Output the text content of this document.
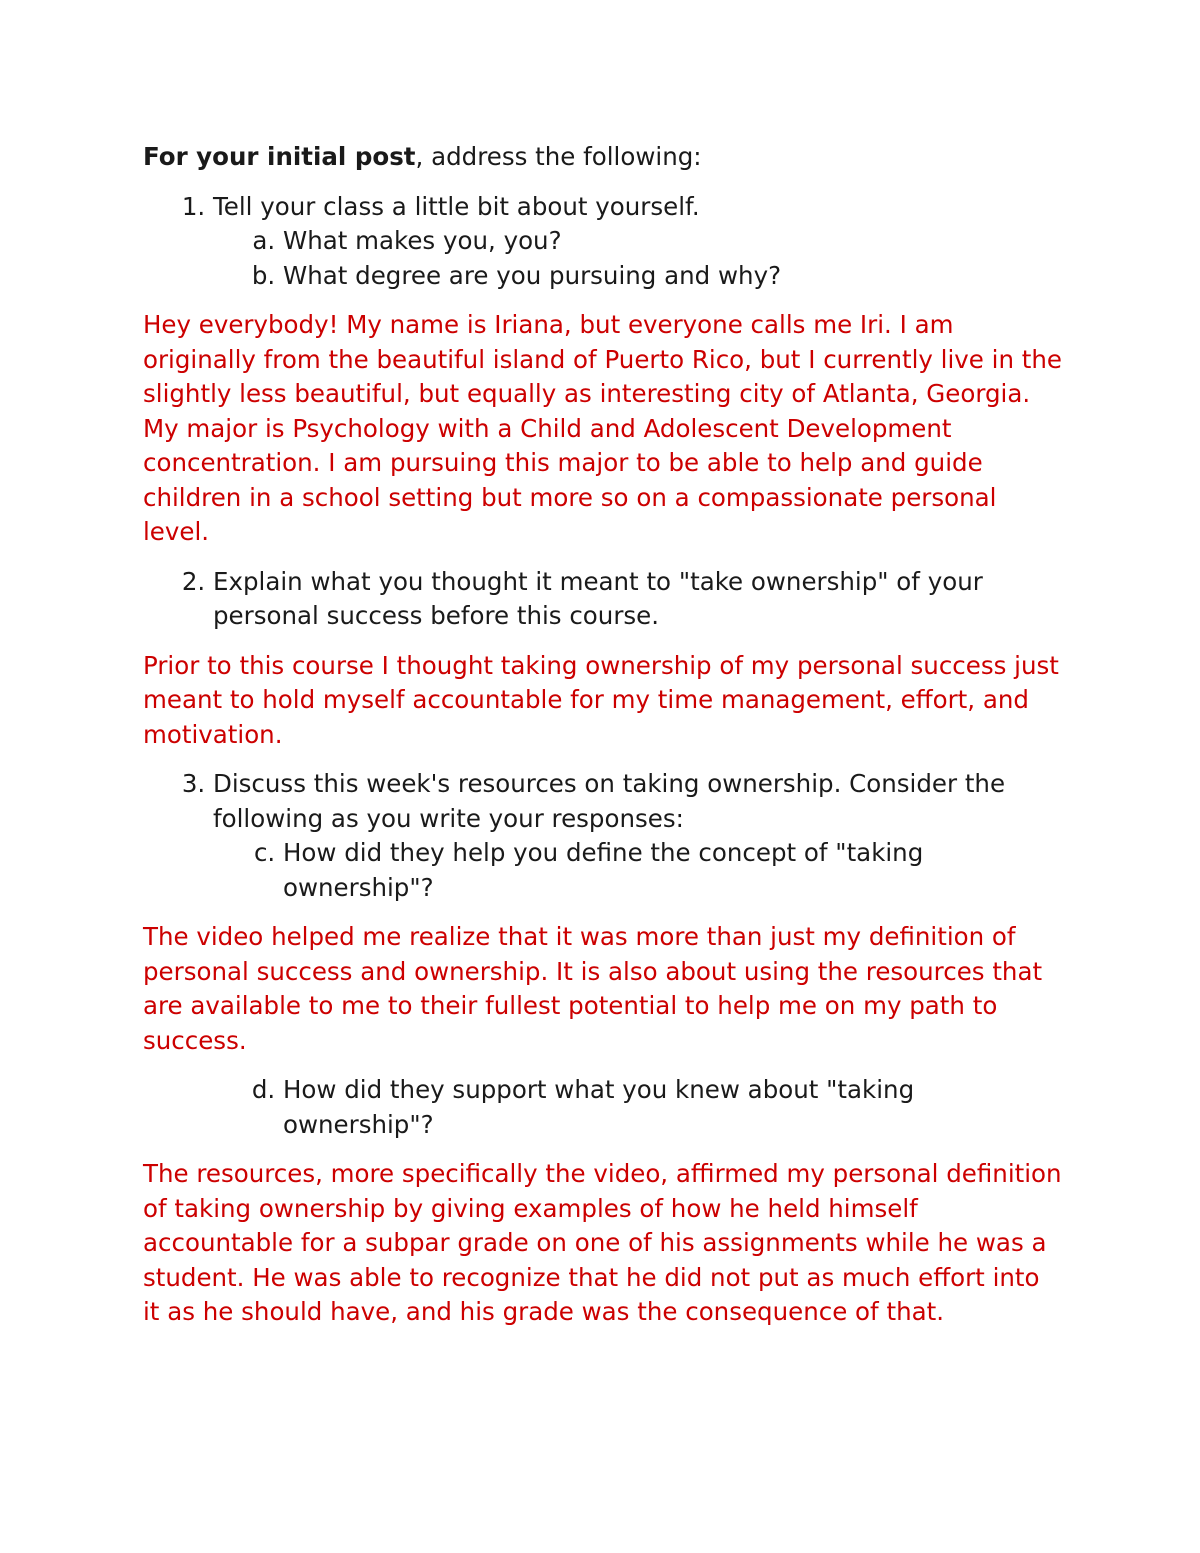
For your initial post, address the following:

1. Tell your class a little bit about yourself.
a. What makes you, you?
b. What degree are you pursuing and why?

Hey everybody! My name is Iriana, but everyone calls me Iri. I am originally from the beautiful island of Puerto Rico, but I currently live in the slightly less beautiful, but equally as interesting city of Atlanta, Georgia. My major is Psychology with a Child and Adolescent Development concentration. I am pursuing this major to be able to help and guide children in a school setting but more so on a compassionate personal level.

2. Explain what you thought it meant to "take ownership" of your personal success before this course.

Prior to this course I thought taking ownership of my personal success just meant to hold myself accountable for my time management, effort, and motivation.

3. Discuss this week's resources on taking ownership. Consider the following as you write your responses:
c. How did they help you define the concept of "taking ownership"?

The video helped me realize that it was more than just my definition of personal success and ownership. It is also about using the resources that are available to me to their fullest potential to help me on my path to success.

d. How did they support what you knew about "taking ownership"?

The resources, more specifically the video, affirmed my personal definition of taking ownership by giving examples of how he held himself accountable for a subpar grade on one of his assignments while he was a student. He was able to recognize that he did not put as much effort into it as he should have, and his grade was the consequence of that.
